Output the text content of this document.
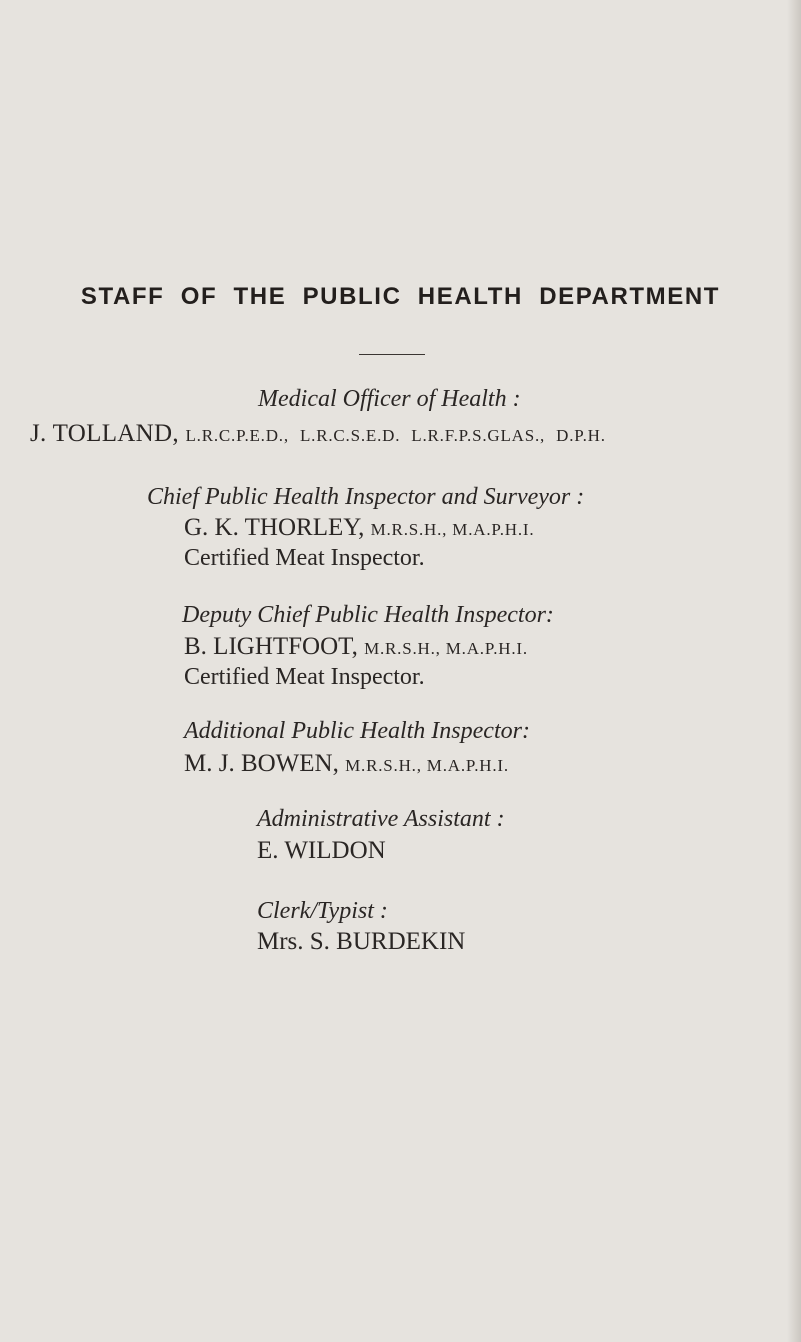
STAFF OF THE PUBLIC HEALTH DEPARTMENT
Medical Officer of Health :
J. TOLLAND, L.R.C.P.E.D., L.R.C.S.E.D. L.R.F.P.S.GLAS., D.P.H.
Chief Public Health Inspector and Surveyor :
G. K. THORLEY, M.R.S.H., M.A.P.H.I.
Certified Meat Inspector.
Deputy Chief Public Health Inspector:
B. LIGHTFOOT, M.R.S.H., M.A.P.H.I.
Certified Meat Inspector.
Additional Public Health Inspector:
M. J. BOWEN, M.R.S.H., M.A.P.H.I.
Administrative Assistant :
E. WILDON
Clerk/Typist :
Mrs. S. BURDEKIN
